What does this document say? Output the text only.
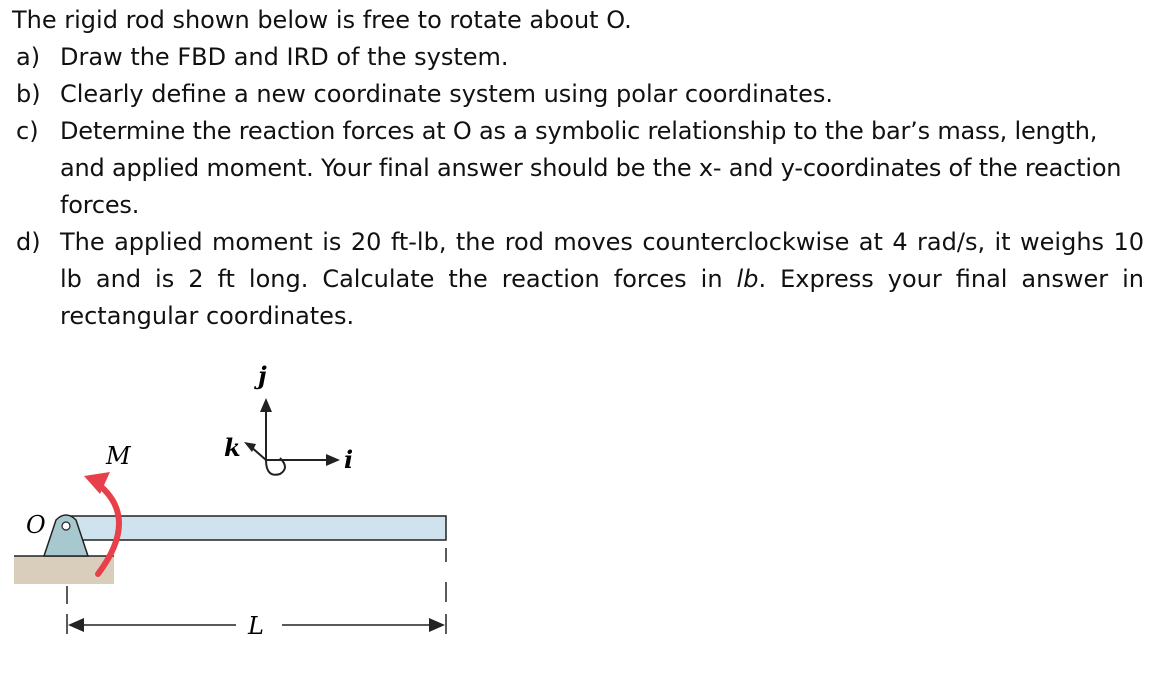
The rigid rod shown below is free to rotate about O.

a) Draw the FBD and IRD of the system.
b) Clearly define a new coordinate system using polar coordinates.
c) Determine the reaction forces at O as a symbolic relationship to the bar’s mass, length, and applied moment. Your final answer should be the x- and y-coordinates of the reaction forces.
d) The applied moment is 20 ft-lb, the rod moves counterclockwise at 4 rad/s, it weighs 10 lb and is 2 ft long. Calculate the reaction forces in lb. Express your final answer in rectangular coordinates.
O
M	k
j
i
L
